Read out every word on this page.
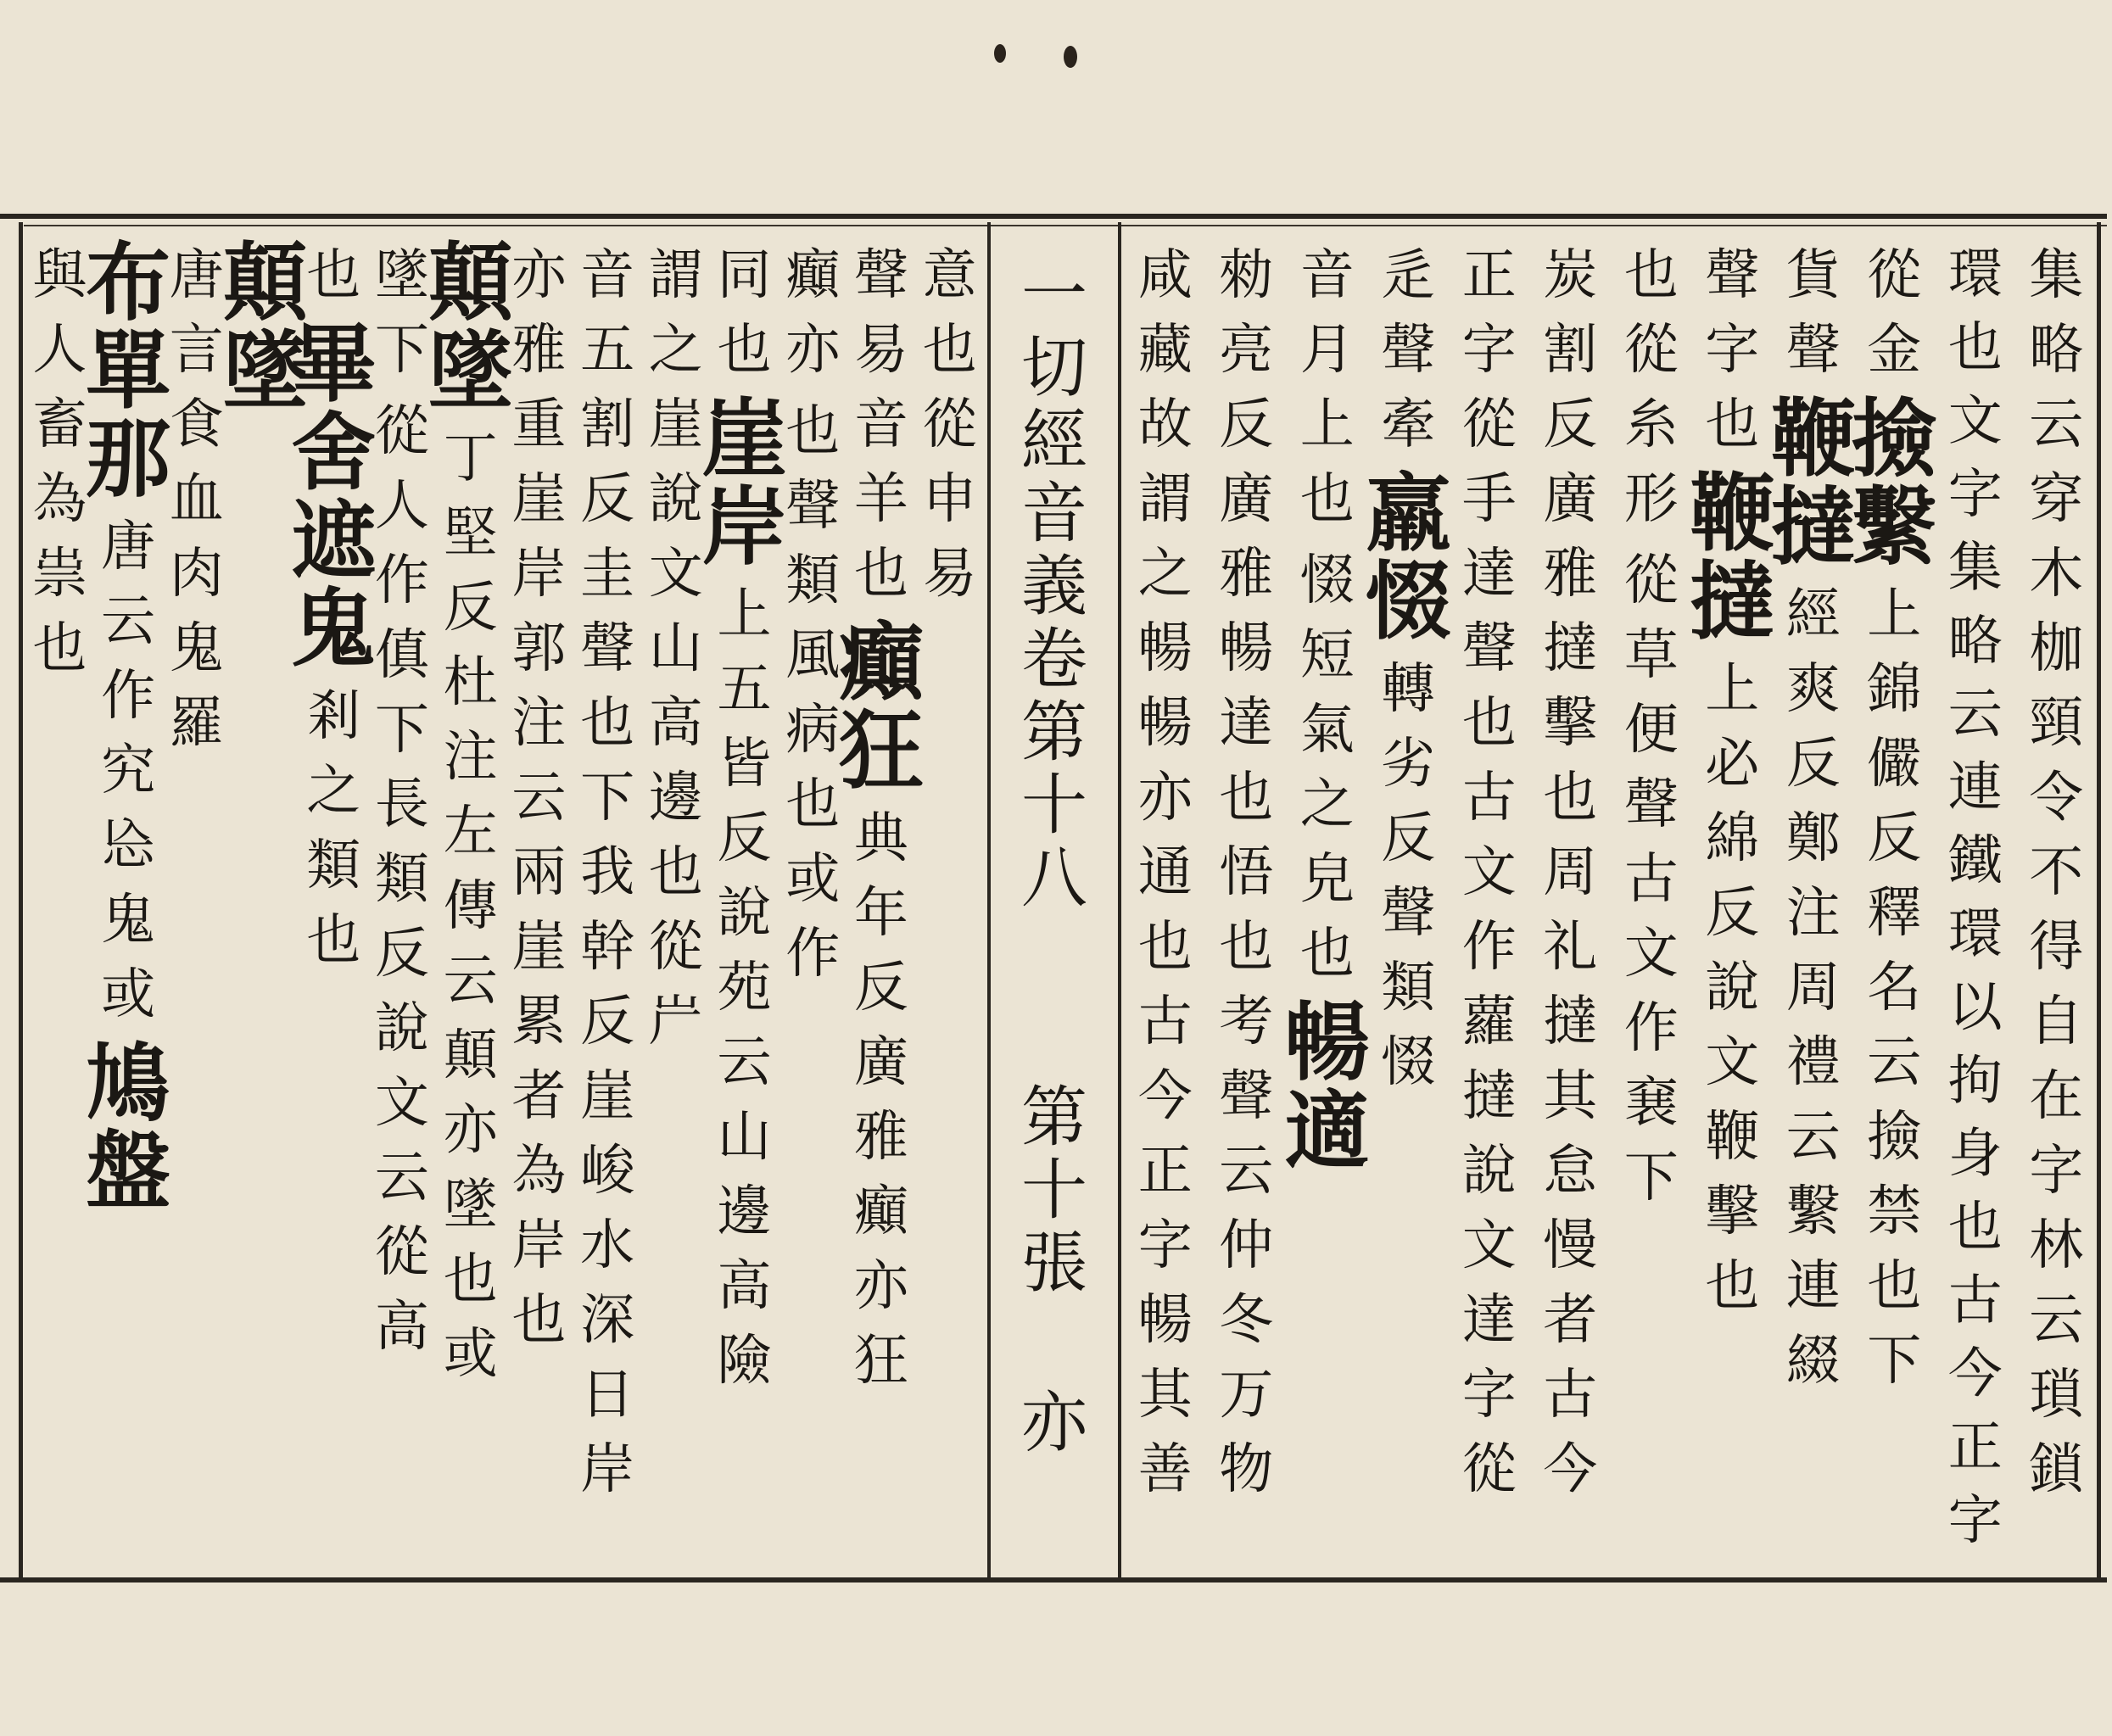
一
切
經
音
義
卷
第
十
八
第
十
張
亦
集
略
云
穿
木
枷
頸
令
不
得
自
在
字
林
云
瑣
鎖
環
也
文
字
集
略
云
連
鐵
環
以
拘
身
也
古
今
正
字
從
金
撿
繫
上
錦
儼
反
釋
名
云
撿
禁
也
下
貨
聲
鞭
撻
經
爽
反
鄭
注
周
禮
云
繫
連
綴
聲
字
也
鞭
撻
上
必
綿
反
說
文
鞭
擊
也
也
從
糸
形
從
草
便
聲
古
文
作
㐮
下
炭
割
反
廣
雅
撻
擊
也
周
礼
撻
其
怠
慢
者
古
今
正
字
從
手
達
聲
也
古
文
作
蘿
撻
說
文
達
字
從
辵
聲
牽
羸
惙
轉
劣
反
聲
類
惙
音
月
上
也
惙
短
氣
之
皃
也
暢
適
勑
亮
反
廣
雅
暢
達
也
悟
也
考
聲
云
仲
冬
万
物
咸
藏
故
謂
之
暢
暢
亦
通
也
古
今
正
字
暢
其
善
意
也
從
申
易
聲
易
音
羊
也
癲
狂
典
年
反
廣
雅
癲
亦
狂
癲
亦
也
聲
類
風
病
也
或
作
同
也
崖
岸
上
五
皆
反
說
苑
云
山
邊
高
險
謂
之
崖
說
文
山
高
邊
也
從
屵
音
五
割
反
圭
聲
也
下
我
幹
反
崖
峻
水
深
日
岸
亦
雅
重
崖
岸
郭
注
云
兩
崖
累
者
為
岸
也
顛
墜
丁
堅
反
杜
注
左
傳
云
顛
亦
墜
也
或
墜
下
從
人
作
傎
下
長
類
反
說
文
云
從
高
也
畢
舍
遮
鬼
剎
之
類
也
顛
墜
唐
言
食
血
肉
鬼
羅
布
單
那
唐
云
作
究
㤀
鬼
或
鳩
盤
與
人
畜
為
祟
也
